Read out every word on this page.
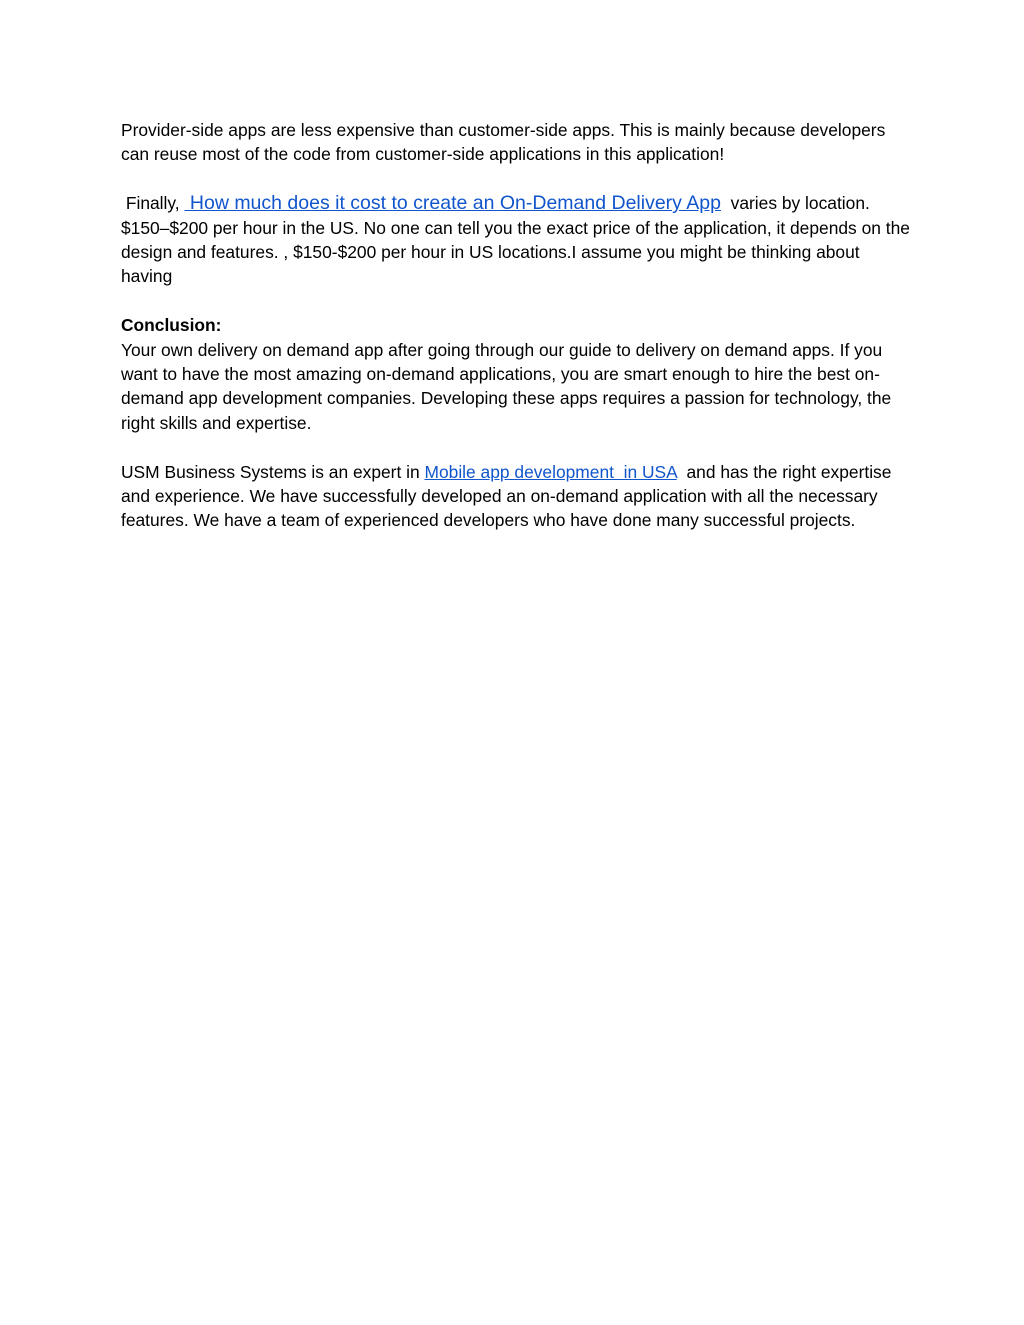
Provider-side apps are less expensive than customer-side apps. This is mainly because developers can reuse most of the code from customer-side applications in this application!

Finally,  How much does it cost to create an On-Demand Delivery App  varies by location. $150–$200 per hour in the US. No one can tell you the exact price of the application, it depends on the design and features. , $150-$200 per hour in US locations.I assume you might be thinking about having

Conclusion:

Your own delivery on demand app after going through our guide to delivery on demand apps. If you want to have the most amazing on-demand applications, you are smart enough to hire the best on-demand app development companies. Developing these apps requires a passion for technology, the right skills and expertise.

USM Business Systems is an expert in Mobile app development  in USA  and has the right expertise and experience. We have successfully developed an on-demand application with all the necessary features. We have a team of experienced developers who have done many successful projects.
